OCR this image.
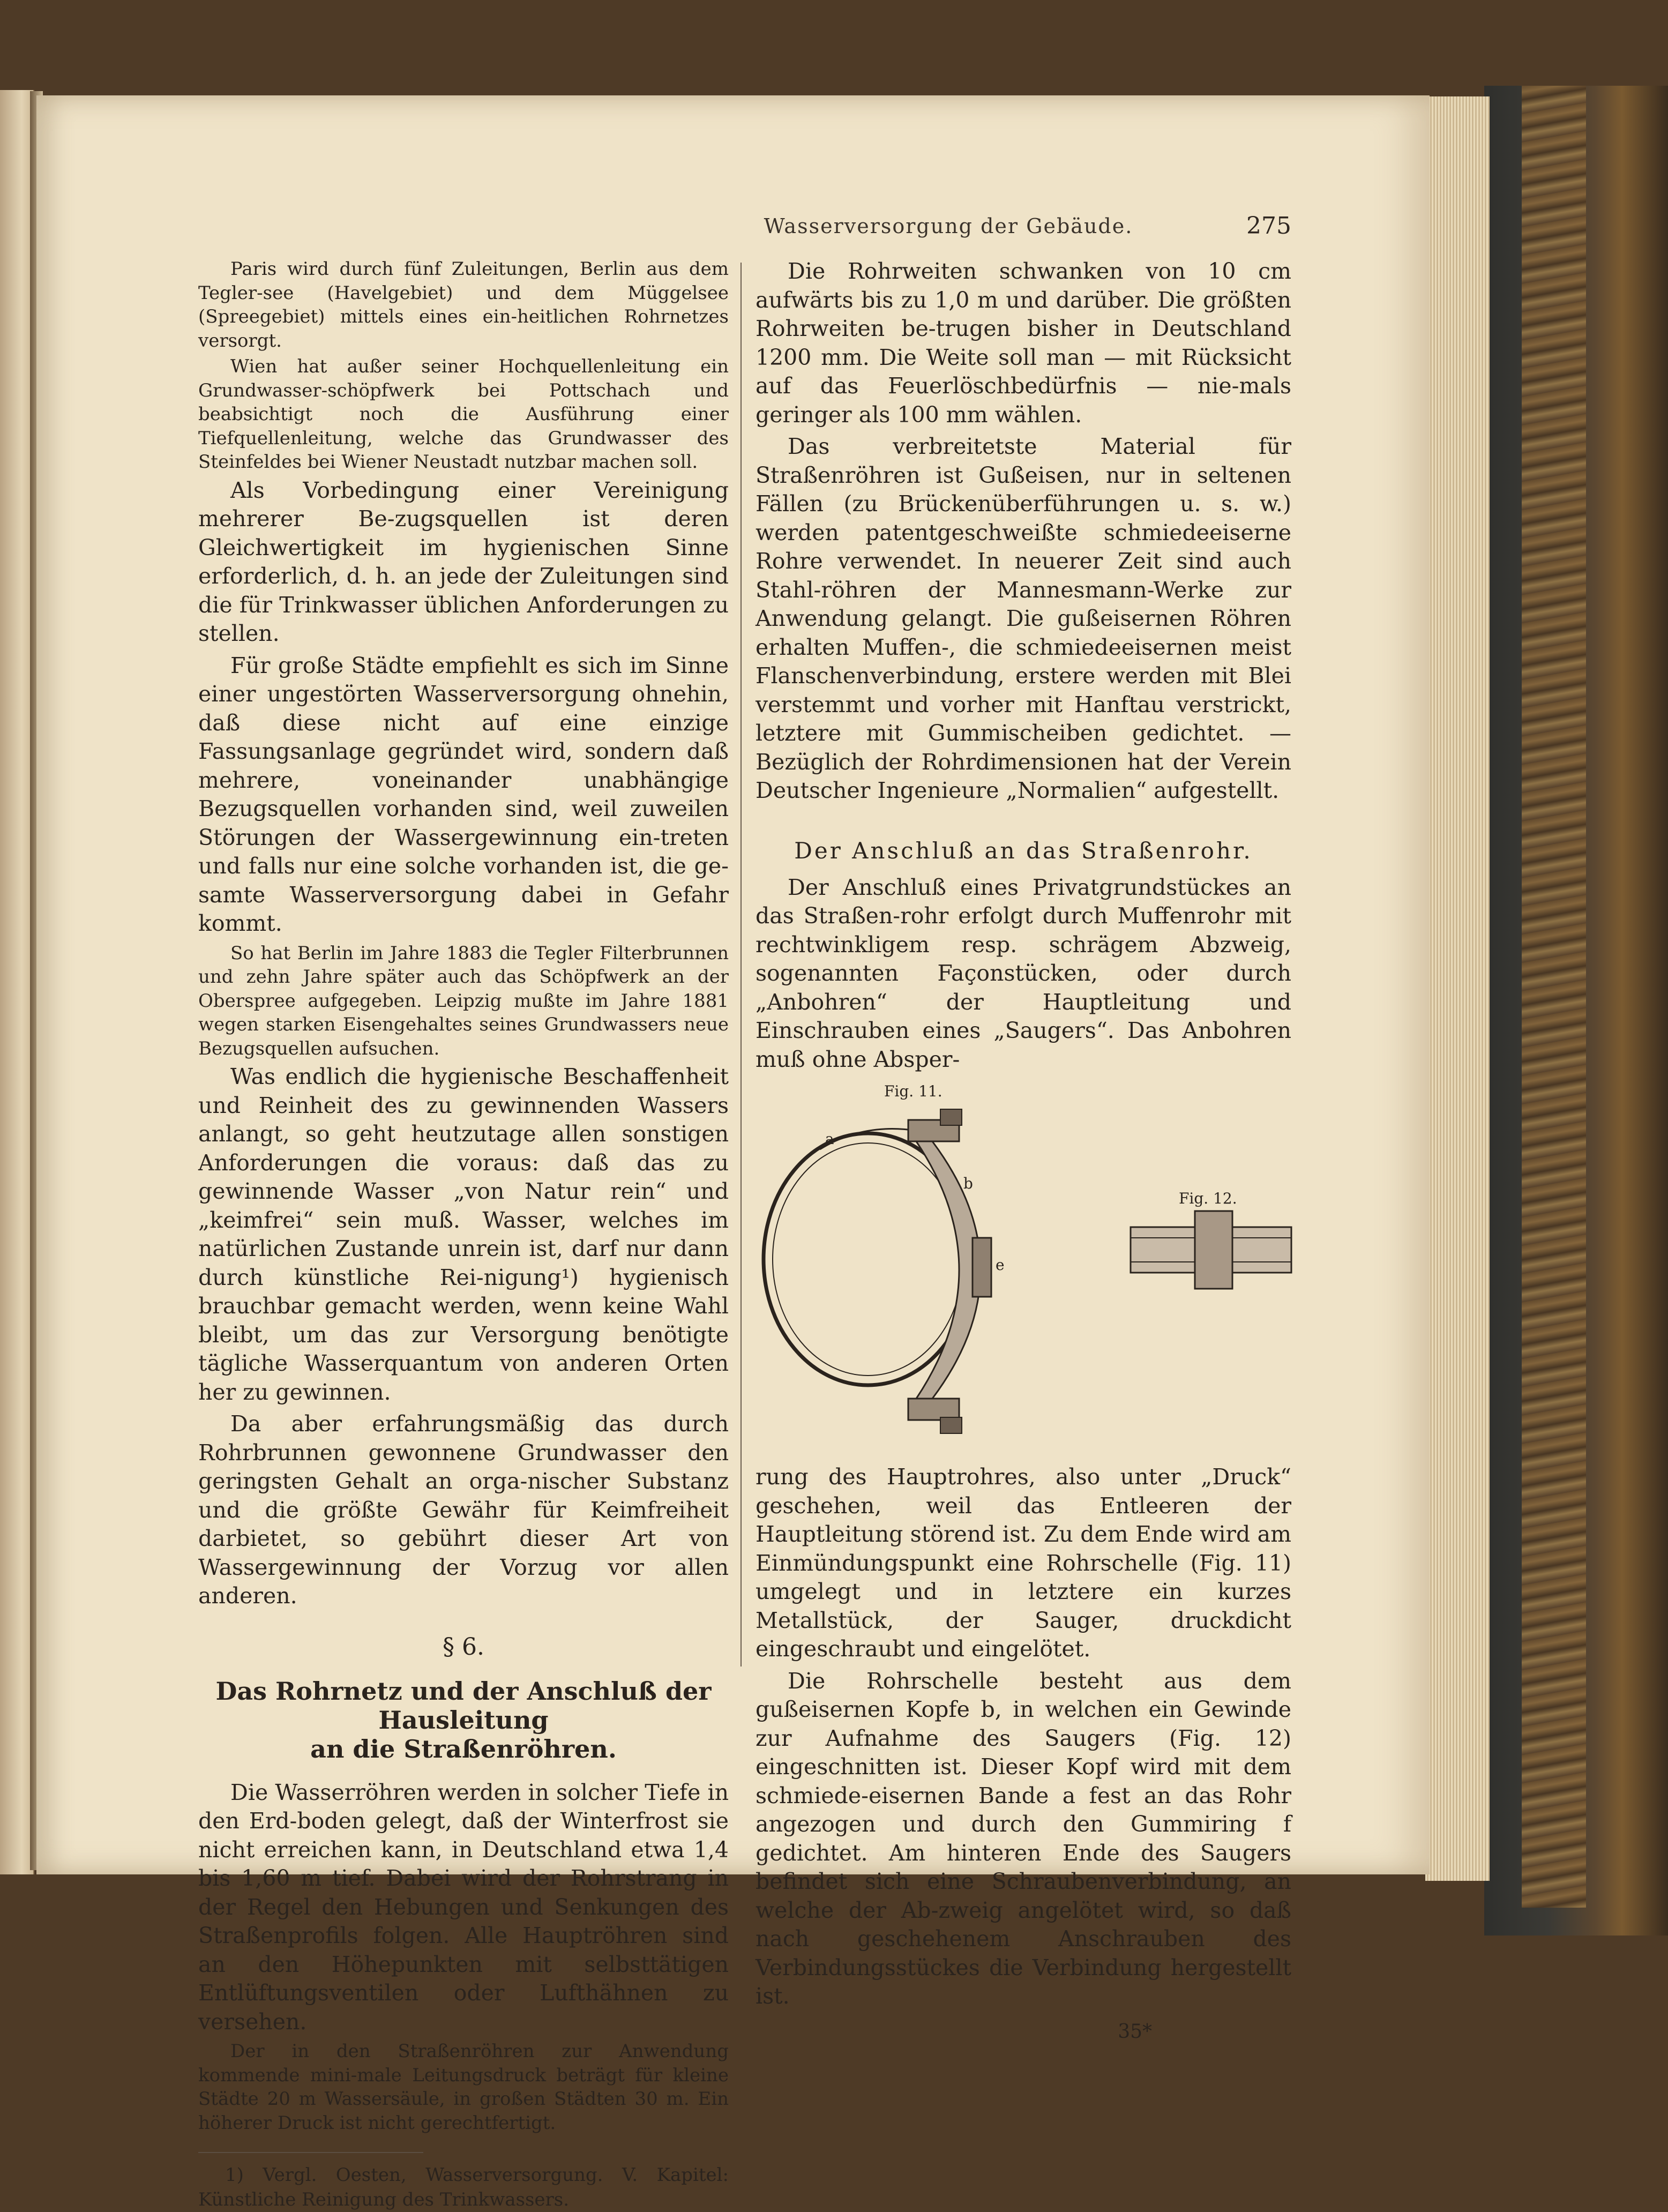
Wasserversorgung der Gebäude.	275

Paris wird durch fünf Zuleitungen, Berlin aus dem Tegler-see (Havelgebiet) und dem Müggelsee (Spreegebiet) mittels eines ein-heitlichen Rohrnetzes versorgt.

Wien hat außer seiner Hochquellenleitung ein Grundwasser-schöpfwerk bei Pottschach und beabsichtigt noch die Ausführung einer Tiefquellenleitung, welche das Grundwasser des Steinfeldes bei Wiener Neustadt nutzbar machen soll.

Als Vorbedingung einer Vereinigung mehrerer Be-zugsquellen ist deren Gleichwertigkeit im hygienischen Sinne erforderlich, d. h. an jede der Zuleitungen sind die für Trinkwasser üblichen Anforderungen zu stellen.

Für große Städte empfiehlt es sich im Sinne einer ungestörten Wasserversorgung ohnehin, daß diese nicht auf eine einzige Fassungsanlage gegründet wird, sondern daß mehrere, voneinander unabhängige Bezugsquellen vorhanden sind, weil zuweilen Störungen der Wassergewinnung ein-treten und falls nur eine solche vorhanden ist, die ge-samte Wasserversorgung dabei in Gefahr kommt.

So hat Berlin im Jahre 1883 die Tegler Filterbrunnen und zehn Jahre später auch das Schöpfwerk an der Oberspree aufgegeben. Leipzig mußte im Jahre 1881 wegen starken Eisengehaltes seines Grundwassers neue Bezugsquellen aufsuchen.

Was endlich die hygienische Beschaffenheit und Reinheit des zu gewinnenden Wassers anlangt, so geht heutzutage allen sonstigen Anforderungen die voraus: daß das zu gewinnende Wasser „von Natur rein“ und „keimfrei“ sein muß. Wasser, welches im natürlichen Zustande unrein ist, darf nur dann durch künstliche Rei-nigung¹) hygienisch brauchbar gemacht werden, wenn keine Wahl bleibt, um das zur Versorgung benötigte tägliche Wasserquantum von anderen Orten her zu gewinnen.

Da aber erfahrungsmäßig das durch Rohrbrunnen gewonnene Grundwasser den geringsten Gehalt an orga-nischer Substanz und die größte Gewähr für Keimfreiheit darbietet, so gebührt dieser Art von Wassergewinnung der Vorzug vor allen anderen.

§ 6.
Das Rohrnetz und der Anschluß der Hausleitung
an die Straßenröhren.

Die Wasserröhren werden in solcher Tiefe in den Erd-boden gelegt, daß der Winterfrost sie nicht erreichen kann, in Deutschland etwa 1,4 bis 1,60 m tief. Dabei wird der Rohrstrang in der Regel den Hebungen und Senkungen des Straßenprofils folgen. Alle Hauptröhren sind an den Höhepunkten mit selbsttätigen Entlüftungsventilen oder Lufthähnen zu versehen.

Der in den Straßenröhren zur Anwendung kommende mini-male Leitungsdruck beträgt für kleine Städte 20 m Wassersäule, in großen Städten 30 m. Ein höherer Druck ist nicht gerechtfertigt.

1) Vergl. Oesten, Wasserversorgung. V. Kapitel: Künstliche Reinigung des Trinkwassers.

Die Rohrweiten schwanken von 10 cm aufwärts bis zu 1,0 m und darüber. Die größten Rohrweiten be-trugen bisher in Deutschland 1200 mm. Die Weite soll man — mit Rücksicht auf das Feuerlöschbedürfnis — nie-mals geringer als 100 mm wählen.

Das verbreitetste Material für Straßenröhren ist Gußeisen, nur in seltenen Fällen (zu Brückenüberführungen u. s. w.) werden patentgeschweißte schmiedeeiserne Rohre verwendet. In neuerer Zeit sind auch Stahl-röhren der Mannesmann-Werke zur Anwendung gelangt. Die gußeisernen Röhren erhalten Muffen-, die schmiedeeisernen meist Flanschenverbindung, erstere werden mit Blei verstemmt und vorher mit Hanftau verstrickt, letztere mit Gummischeiben gedichtet. — Bezüglich der Rohrdimensionen hat der Verein Deutscher Ingenieure „Normalien“ aufgestellt.

Der Anschluß an das Straßenrohr.

Der Anschluß eines Privatgrundstückes an das Straßen-rohr erfolgt durch Muffenrohr mit rechtwinkligem resp. schrägem Abzweig, sogenannten Façonstücken, oder durch „Anbohren“ der Hauptleitung und Einschrauben eines „Saugers“. Das Anbohren muß ohne Absper-

Fig. 11.
Fig. 12.
a
b
e

rung des Hauptrohres, also unter „Druck“ geschehen, weil das Entleeren der Hauptleitung störend ist. Zu dem Ende wird am Einmündungspunkt eine Rohrschelle (Fig. 11) umgelegt und in letztere ein kurzes Metallstück, der Sauger, druckdicht eingeschraubt und eingelötet.

Die Rohrschelle besteht aus dem gußeisernen Kopfe b, in welchen ein Gewinde zur Aufnahme des Saugers (Fig. 12) eingeschnitten ist. Dieser Kopf wird mit dem schmiede-eisernen Bande a fest an das Rohr angezogen und durch den Gummiring f gedichtet. Am hinteren Ende des Saugers befindet sich eine Schraubenverbindung, an welche der Ab-zweig angelötet wird, so daß nach geschehenem Anschrauben des Verbindungsstückes die Verbindung hergestellt ist.

35*
